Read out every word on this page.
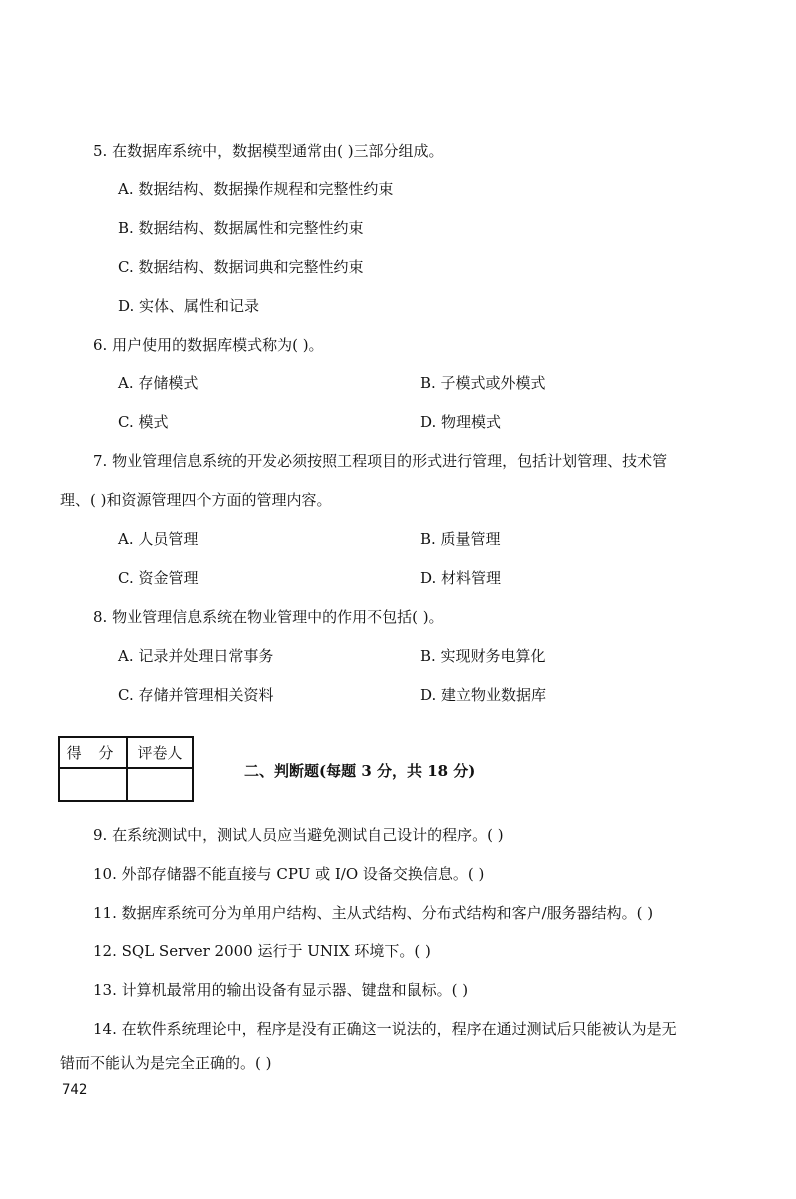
5. 在数据库系统中，数据模型通常由( )三部分组成。
A. 数据结构、数据操作规程和完整性约束
B. 数据结构、数据属性和完整性约束
C. 数据结构、数据词典和完整性约束
D. 实体、属性和记录
6. 用户使用的数据库模式称为( )。
A. 存储模式	B. 子模式或外模式
C. 模式	D. 物理模式
7. 物业管理信息系统的开发必须按照工程项目的形式进行管理，包括计划管理、技术管
理、( )和资源管理四个方面的管理内容。
A. 人员管理	B. 质量管理
C. 资金管理	D. 材料管理
8. 物业管理信息系统在物业管理中的作用不包括( )。
A. 记录并处理日常事务	B. 实现财务电算化
C. 存储并管理相关资料	D. 建立物业数据库
得 分	评卷人
二、判断题(每题 3 分，共 18 分)
9. 在系统测试中，测试人员应当避免测试自己设计的程序。( )
10. 外部存储器不能直接与 CPU 或 I/O 设备交换信息。( )
11. 数据库系统可分为单用户结构、主从式结构、分布式结构和客户/服务器结构。( )
12. SQL Server 2000 运行于 UNIX 环境下。( )
13. 计算机最常用的输出设备有显示器、键盘和鼠标。( )
14. 在软件系统理论中，程序是没有正确这一说法的，程序在通过测试后只能被认为是无
错而不能认为是完全正确的。( )
742
